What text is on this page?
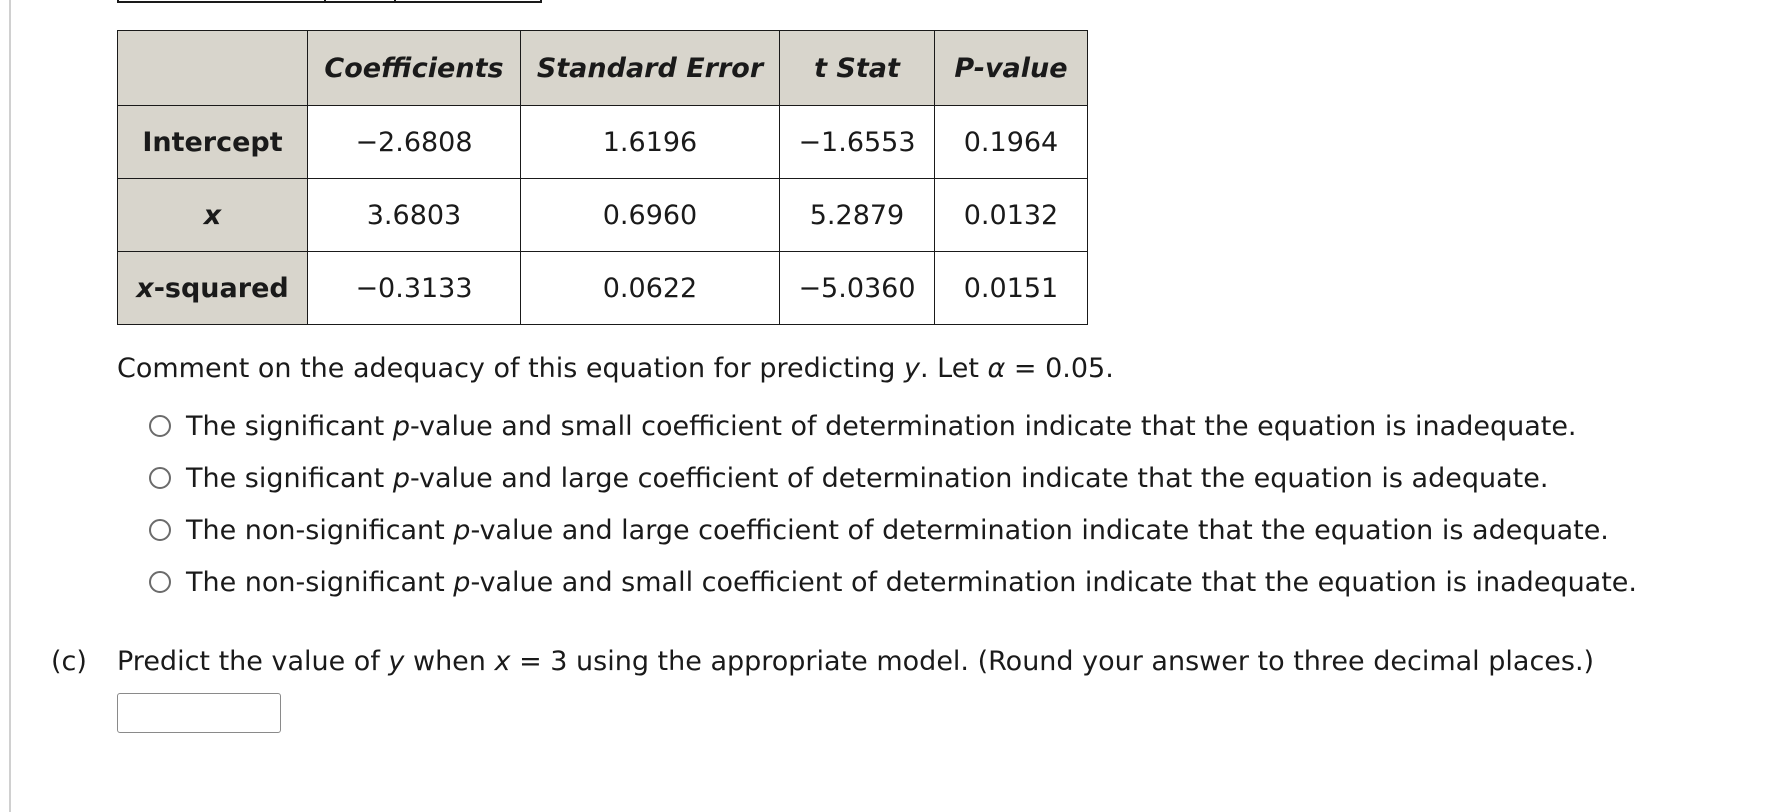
	Coefficients	Standard Error	t Stat	P-value
Intercept	−2.6808	1.6196	−1.6553	0.1964
x	3.6803	0.6960	5.2879	0.0132
x-squared	−0.3133	0.0622	−5.0360	0.0151
Comment on the adequacy of this equation for predicting y. Let α = 0.05.
The significant p-value and small coefficient of determination indicate that the equation is inadequate.
The significant p-value and large coefficient of determination indicate that the equation is adequate.
The non-significant p-value and large coefficient of determination indicate that the equation is adequate.
The non-significant p-value and small coefficient of determination indicate that the equation is inadequate.
(c) Predict the value of y when x = 3 using the appropriate model. (Round your answer to three decimal places.)
